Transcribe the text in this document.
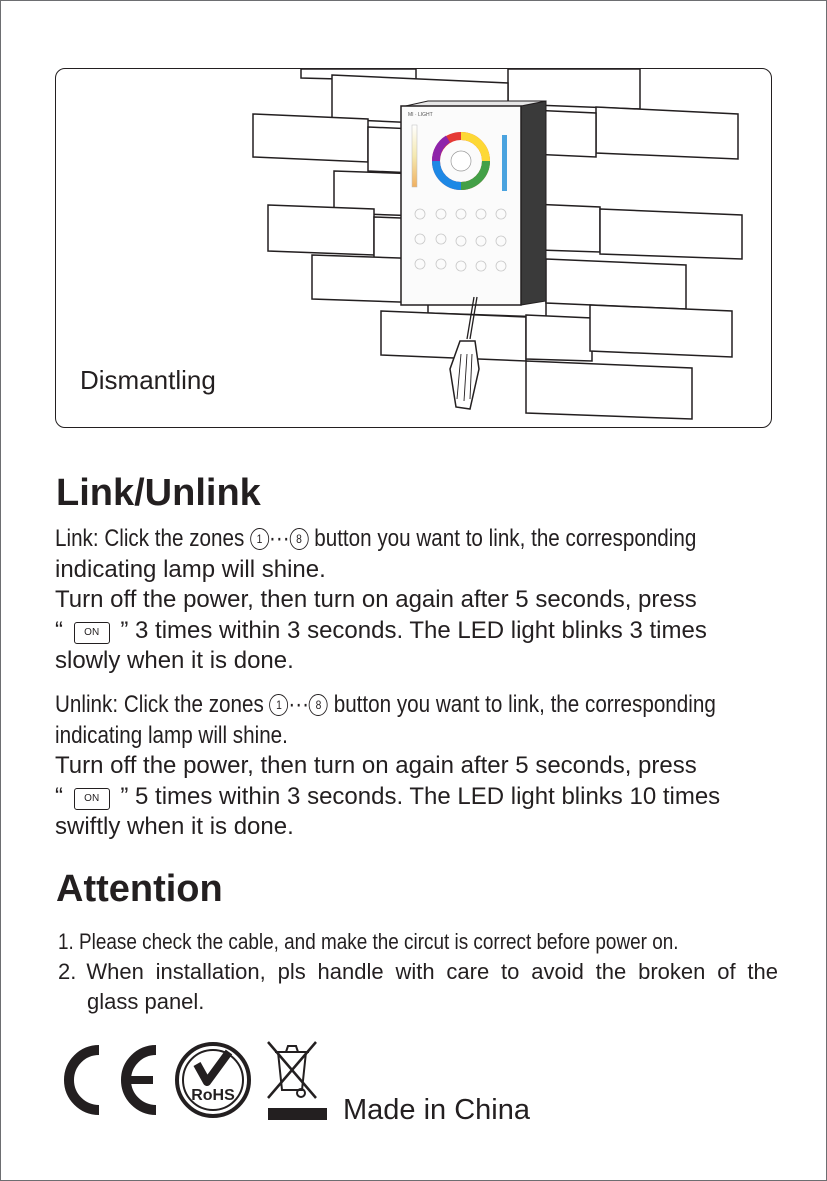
MI · LIGHT
Dismantling
Link/Unlink
Link: Click the zones 1 ··· 8 button you want to link, the corresponding
indicating lamp will shine.
Turn off the power, then turn on again after 5 seconds, press
“ ON ” 3 times within 3 seconds. The LED light blinks 3 times
slowly when it is done.
Unlink: Click the zones 1 ··· 8 button you want to link, the corresponding
indicating lamp will shine.
Turn off the power, then turn on again after 5 seconds, press
“ ON ” 5 times within 3 seconds. The LED light blinks 10 times
swiftly when it is done.
Attention
1. Please check the cable, and make the circut is correct before power on.
2. When installation, pls handle with care to avoid the broken of the
glass panel.
RoHS	Made in China
